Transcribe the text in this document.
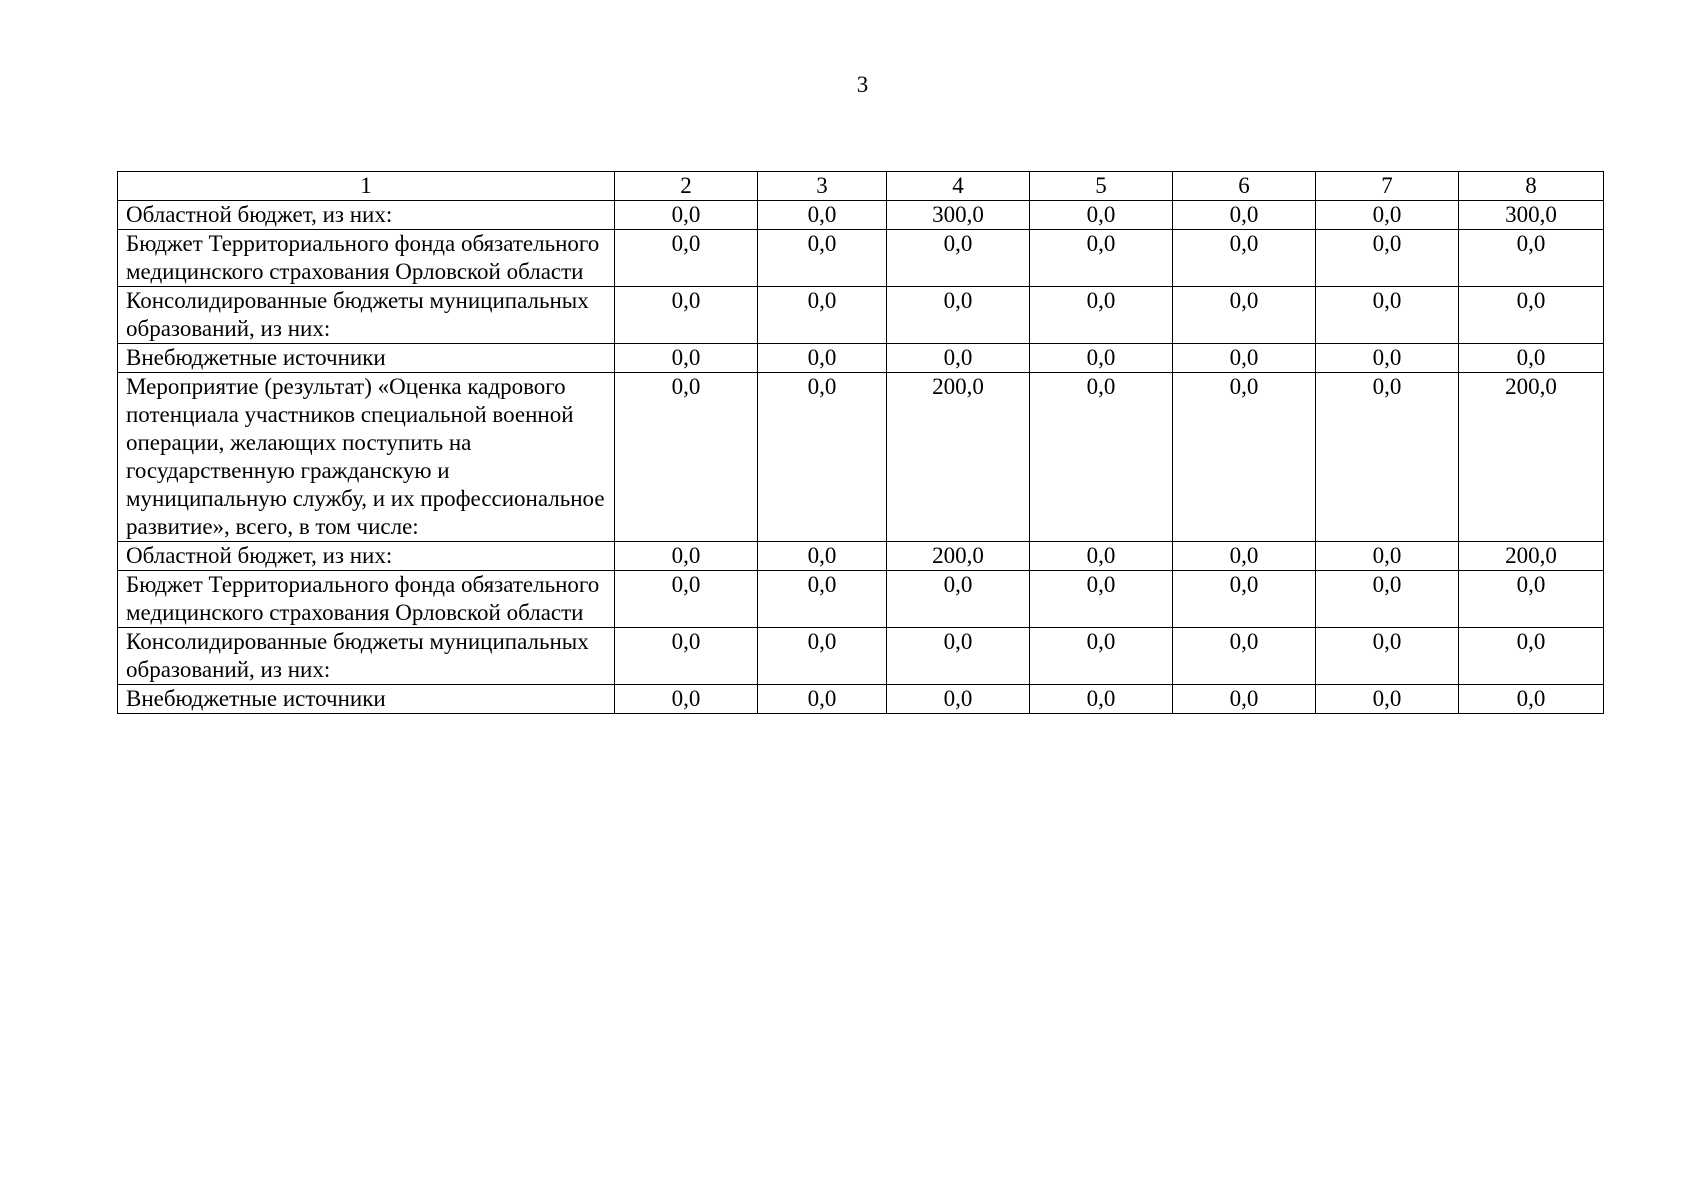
3
1	2	3	4	5	6	7	8
Областной бюджет, из них:	0,0	0,0	300,0	0,0	0,0	0,0	300,0
Бюджет Территориального фонда обязательного медицинского страхования Орловской области	0,0	0,0	0,0	0,0	0,0	0,0	0,0
Консолидированные бюджеты муниципальных образований, из них:	0,0	0,0	0,0	0,0	0,0	0,0	0,0
Внебюджетные источники	0,0	0,0	0,0	0,0	0,0	0,0	0,0
Мероприятие (результат) «Оценка кадрового потенциала участников специальной военной операции, желающих поступить на государственную гражданскую и муниципальную службу, и их профессиональное развитие», всего, в том числе:	0,0	0,0	200,0	0,0	0,0	0,0	200,0
Областной бюджет, из них:	0,0	0,0	200,0	0,0	0,0	0,0	200,0
Бюджет Территориального фонда обязательного медицинского страхования Орловской области	0,0	0,0	0,0	0,0	0,0	0,0	0,0
Консолидированные бюджеты муниципальных образований, из них:	0,0	0,0	0,0	0,0	0,0	0,0	0,0
Внебюджетные источники	0,0	0,0	0,0	0,0	0,0	0,0	0,0
